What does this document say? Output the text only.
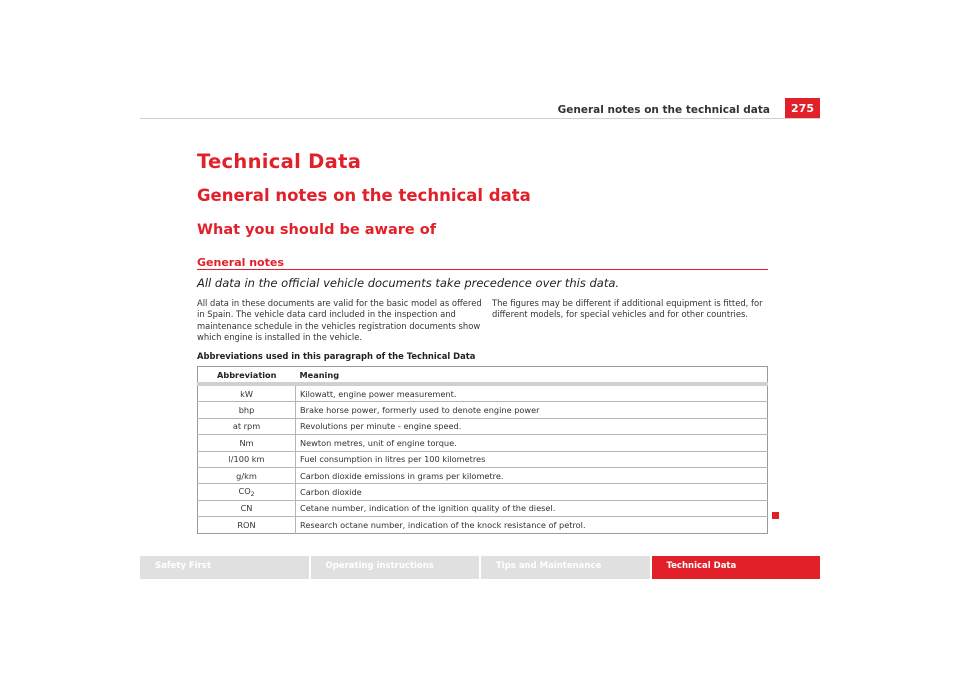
General notes on the technical data	275
Technical Data
General notes on the technical data
What you should be aware of
General notes
All data in the official vehicle documents take precedence over this data.
All data in these documents are valid for the basic model as offered in Spain. The vehicle data card included in the inspection and maintenance schedule in the vehicles registration documents show which engine is installed in the vehicle.
The figures may be different if additional equipment is fitted, for different models, for special vehicles and for other countries.
Abbreviations used in this paragraph of the Technical Data
Abbreviation	Meaning
kW	Kilowatt, engine power measurement.
bhp	Brake horse power, formerly used to denote engine power
at rpm	Revolutions per minute - engine speed.
Nm	Newton metres, unit of engine torque.
l/100 km	Fuel consumption in litres per 100 kilometres
g/km	Carbon dioxide emissions in grams per kilometre.
$CO_2$	Carbon dioxide
CN	Cetane number, indication of the ignition quality of the diesel.
RON	Research octane number, indication of the knock resistance of petrol.
Safety First	Operating instructions	Tips and Maintenance	Technical Data
